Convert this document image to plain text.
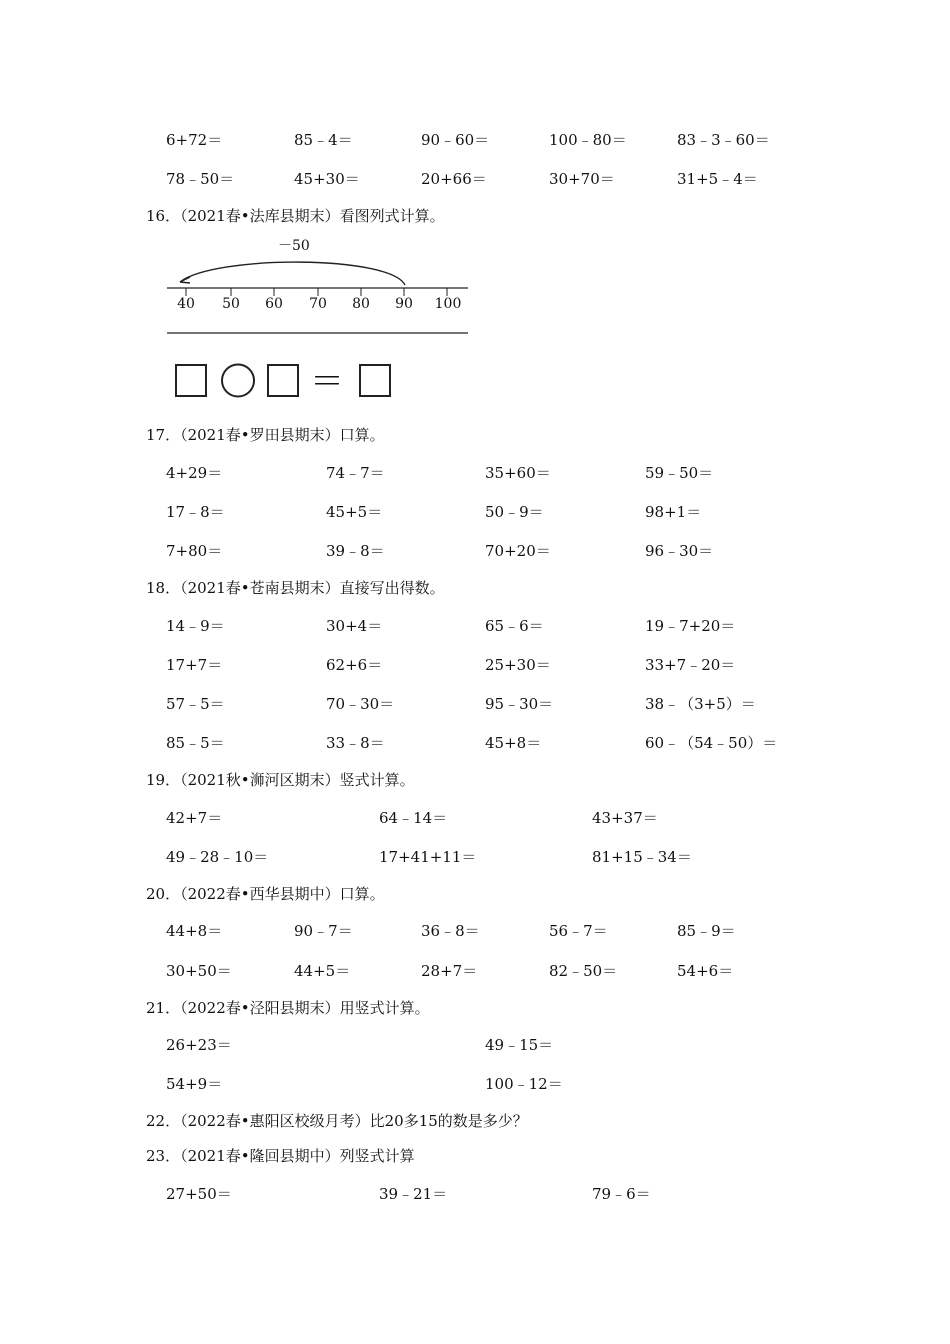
6+72＝	85﹣4＝	90﹣60＝	100﹣80＝	83﹣3﹣60＝
78﹣50＝	45+30＝	20+66＝	30+70＝	31+5﹣4＝
16．（2021春•法库县期末）看图列式计算。
－50
40 50 60 70 80 90 100
＝
17．（2021春•罗田县期末）口算。
4+29＝	74﹣7＝	35+60＝	59﹣50＝
17﹣8＝	45+5＝	50﹣9＝	98+1＝
7+80＝	39﹣8＝	70+20＝	96﹣30＝
18．（2021春•苍南县期末）直接写出得数。
14﹣9＝	30+4＝	65﹣6＝	19﹣7+20＝
17+7＝	62+6＝	25+30＝	33+7﹣20＝
57﹣5＝	70﹣30＝	95﹣30＝	38﹣（3+5）＝
85﹣5＝	33﹣8＝	45+8＝	60﹣（54﹣50）＝
19．（2021秋•浉河区期末）竖式计算。
42+7＝	64﹣14＝	43+37＝
49﹣28﹣10＝	17+41+11＝	81+15﹣34＝
20．（2022春•西华县期中）口算。
44+8＝	90﹣7＝	36﹣8＝	56﹣7＝	85﹣9＝
30+50＝	44+5＝	28+7＝	82﹣50＝	54+6＝
21．（2022春•泾阳县期末）用竖式计算。
26+23＝	49﹣15＝
54+9＝	100﹣12＝
22．（2022春•惠阳区校级月考）比20多15的数是多少？
23．（2021春•隆回县期中）列竖式计算
27+50＝	39﹣21＝	79﹣6＝
